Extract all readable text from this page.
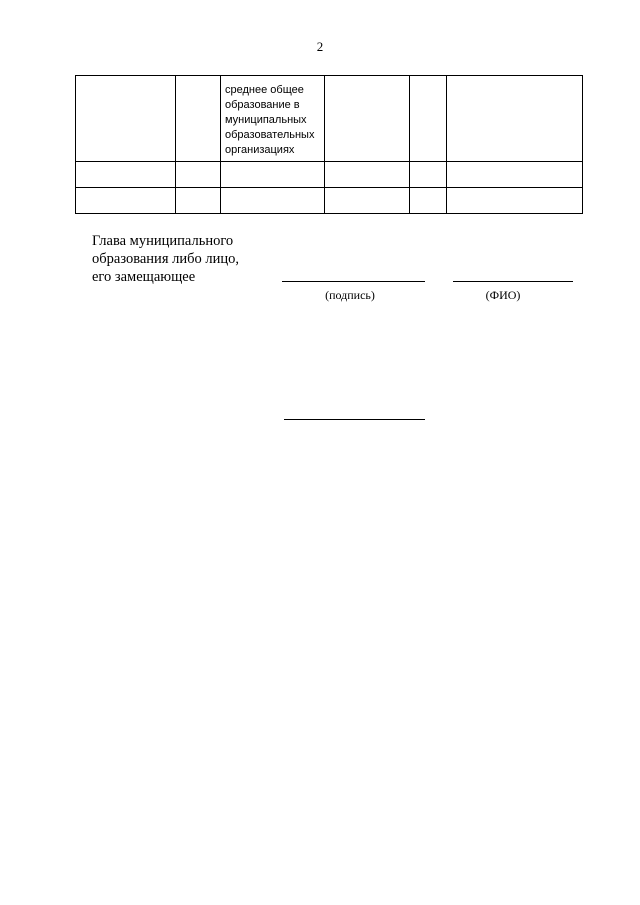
2

		среднее общее
образование в
муниципальных
образовательных
организациях			

Глава муниципального
образования либо лицо,
его замещающее
(подпись)	(ФИО)
